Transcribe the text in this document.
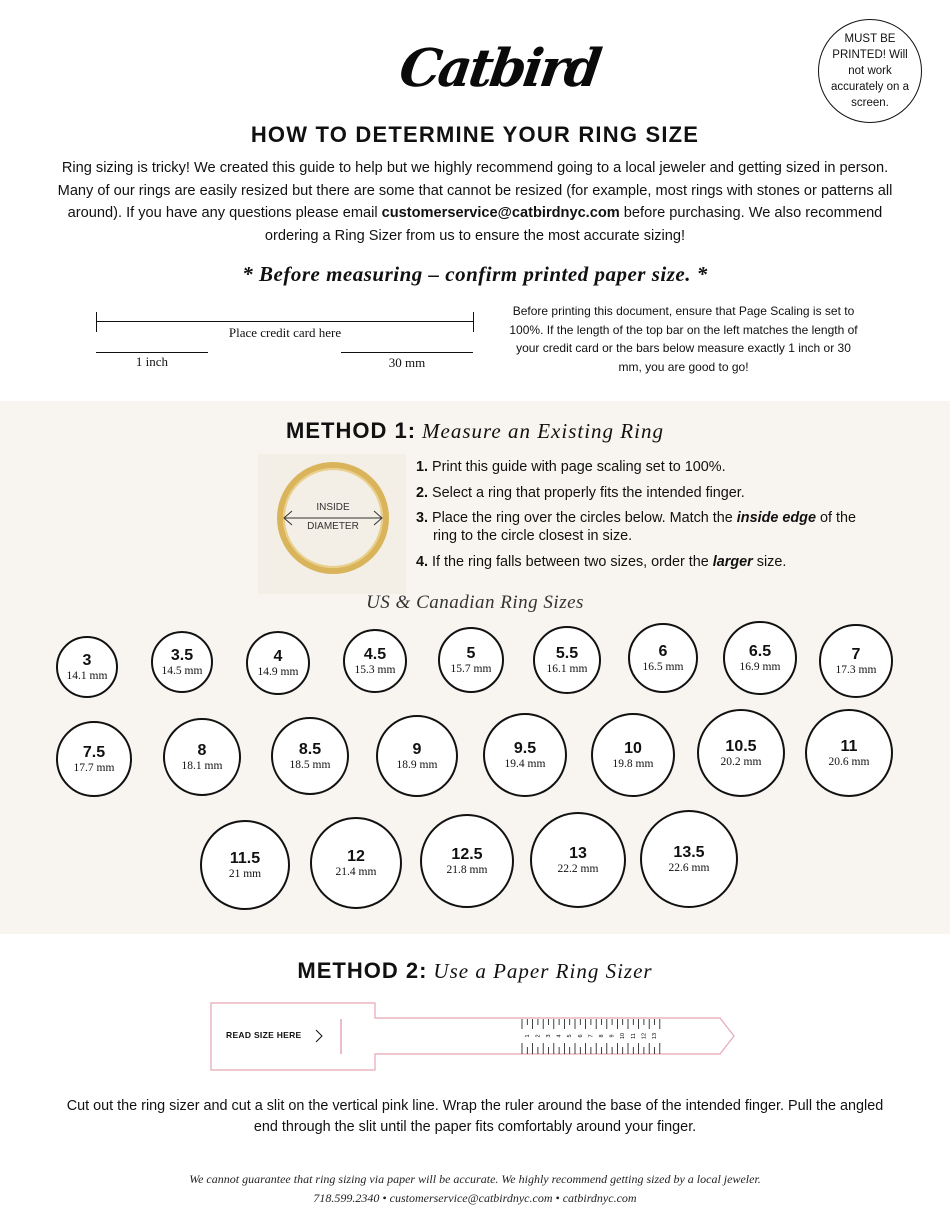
Catbird	MUST BE PRINTED! Will not work accurately on a screen.
HOW TO DETERMINE YOUR RING SIZE
Ring sizing is tricky! We created this guide to help but we highly recommend going to a local jeweler and getting sized in person. Many of our rings are easily resized but there are some that cannot be resized (for example, most rings with stones or patterns all around). If you have any questions please email customerservice@catbirdnyc.com before purchasing. We also recommend ordering a Ring Sizer from us to ensure the most accurate sizing!
* Before measuring – confirm printed paper size. *
Place credit card here
1 inch	30 mm
Before printing this document, ensure that Page Scaling is set to 100%. If the length of the top bar on the left matches the length of your credit card or the bars below measure exactly 1 inch or 30 mm, you are good to go!
METHOD 1: Measure an Existing Ring
INSIDE
DIAMETER
1. Print this guide with page scaling set to 100%.
2. Select a ring that properly fits the intended finger.
3. Place the ring over the circles below. Match the inside edge of the ring to the circle closest in size.
4. If the ring falls between two sizes, order the larger size.
US & Canadian Ring Sizes
3
14.1 mm
3.5
14.5 mm
4
14.9 mm
4.5
15.3 mm
5
15.7 mm
5.5
16.1 mm
6
16.5 mm
6.5
16.9 mm
7
17.3 mm
7.5
17.7 mm
8
18.1 mm
8.5
18.5 mm
9
18.9 mm
9.5
19.4 mm
10
19.8 mm
10.5
20.2 mm
11
20.6 mm
11.5
21 mm
12
21.4 mm
12.5
21.8 mm
13
22.2 mm
13.5
22.6 mm
METHOD 2: Use a Paper Ring Sizer
1 2 3 4 5 6 7 8 9 10 11 12 13
READ SIZE HERE
Cut out the ring sizer and cut a slit on the vertical pink line. Wrap the ruler around the base of the intended finger. Pull the angled end through the slit until the paper fits comfortably around your finger.
We cannot guarantee that ring sizing via paper will be accurate. We highly recommend getting sized by a local jeweler.
718.599.2340 • customerservice@catbirdnyc.com • catbirdnyc.com
